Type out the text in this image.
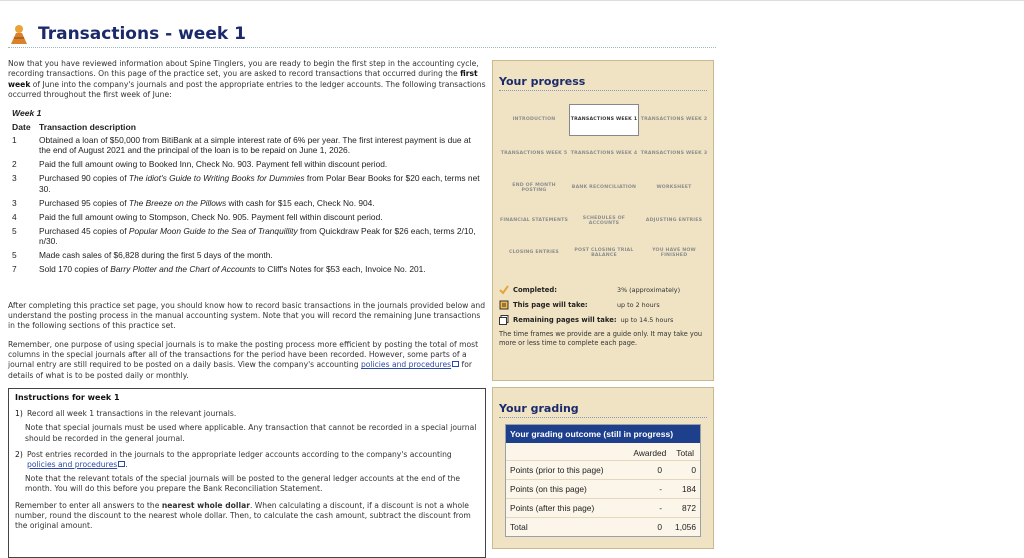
Transactions - week 1
Now that you have reviewed information about Spine Tinglers, you are ready to begin the first step in the accounting cycle, recording transactions. On this page of the practice set, you are asked to record transactions that occurred during the first week of June into the company's journals and post the appropriate entries to the ledger accounts. The following transactions occurred throughout the first week of June:
Week 1
Date Transaction description
1	Obtained a loan of $50,000 from BitiBank at a simple interest rate of 6% per year. The first interest payment is due at the end of August 2021 and the principal of the loan is to be repaid on June 1, 2026.
2	Paid the full amount owing to Booked Inn, Check No. 903. Payment fell within discount period.
3	Purchased 90 copies of The idiot's Guide to Writing Books for Dummies from Polar Bear Books for $20 each, terms net 30.
3	Purchased 95 copies of The Breeze on the Pillows with cash for $15 each, Check No. 904.
4	Paid the full amount owing to Stompson, Check No. 905. Payment fell within discount period.
5	Purchased 45 copies of Popular Moon Guide to the Sea of Tranquillity from Quickdraw Peak for $26 each, terms 2/10, n/30.
5	Made cash sales of $6,828 during the first 5 days of the month.
7	Sold 170 copies of Barry Plotter and the Chart of Accounts to Cliff's Notes for $53 each, Invoice No. 201.
After completing this practice set page, you should know how to record basic transactions in the journals provided below and understand the posting process in the manual accounting system. Note that you will record the remaining June transactions in the following sections of this practice set.
Remember, one purpose of using special journals is to make the posting process more efficient by posting the total of most columns in the special journals after all of the transactions for the period have been recorded. However, some parts of a journal entry are still required to be posted on a daily basis. View the company's accounting policies and procedures for details of what is to be posted daily or monthly.
Instructions for week 1
1) Record all week 1 transactions in the relevant journals.
Note that special journals must be used where applicable. Any transaction that cannot be recorded in a special journal should be recorded in the general journal.
2) Post entries recorded in the journals to the appropriate ledger accounts according to the company's accounting policies and procedures .
Note that the relevant totals of the special journals will be posted to the general ledger accounts at the end of the month. You will do this before you prepare the Bank Reconciliation Statement.
Remember to enter all answers to the nearest whole dollar. When calculating a discount, if a discount is not a whole number, round the discount to the nearest whole dollar. Then, to calculate the cash amount, subtract the discount from the original amount.
Your progress
INTRODUCTION	TRANSACTIONS WEEK 1 TRANSACTIONS WEEK 2
TRANSACTIONS WEEK 5 TRANSACTIONS WEEK 4 TRANSACTIONS WEEK 3
END OF MONTH POSTING
BANK RECONCILIATION	WORKSHEET
FINANCIAL STATEMENTS
SCHEDULES OF ACCOUNTS
ADJUSTING ENTRIES
CLOSING ENTRIES
POST CLOSING TRIAL BALANCE
YOU HAVE NOW FINISHED
Completed:	3% (approximately)
This page will take:	up to 2 hours
Remaining pages will take: up to 14.5 hours
The time frames we provide are a guide only. It may take you more or less time to complete each page.
Your grading
Your grading outcome (still in progress)
Awarded Total
Points (prior to this page)	0	0
Points (on this page)	-	184
Points (after this page)	-	872
Total	0	1,056
